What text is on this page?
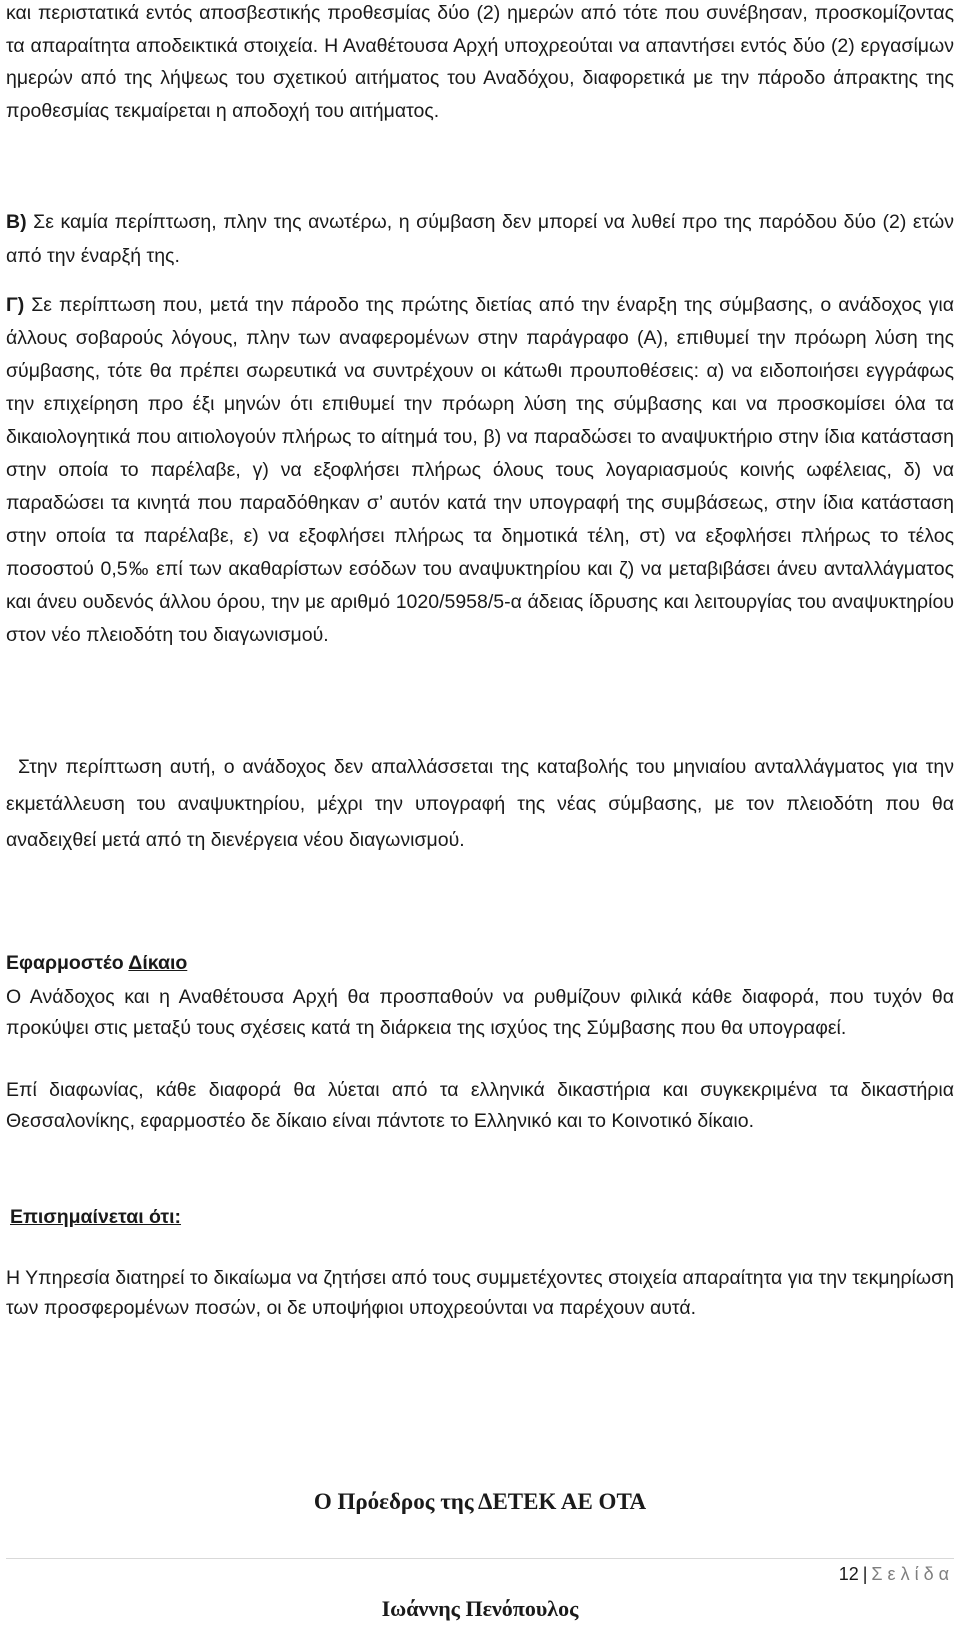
και περιστατικά εντός αποσβεστικής προθεσμίας δύο (2) ημερών από τότε που συνέβησαν, προσκομίζοντας τα απαραίτητα αποδεικτικά στοιχεία. Η Αναθέτουσα Αρχή υποχρεούται να απαντήσει εντός δύο (2) εργασίμων ημερών από της λήψεως του σχετικού αιτήματος του Αναδόχου, διαφορετικά με την πάροδο άπρακτης της προθεσμίας τεκμαίρεται η αποδοχή του αιτήματος.

Β) Σε καμία περίπτωση, πλην της ανωτέρω, η σύμβαση δεν μπορεί να λυθεί προ της παρόδου δύο (2) ετών από την έναρξή της.

Γ) Σε περίπτωση που, μετά την πάροδο της πρώτης διετίας από την έναρξη της σύμβασης, ο ανάδοχος για άλλους σοβαρούς λόγους, πλην των αναφερομένων στην παράγραφο (Α), επιθυμεί την πρόωρη λύση της σύμβασης, τότε θα πρέπει σωρευτικά να συντρέχουν οι κάτωθι προυποθέσεις: α) να ειδοποιήσει εγγράφως την επιχείρηση προ έξι μηνών ότι επιθυμεί την πρόωρη λύση της σύμβασης και να προσκομίσει όλα τα δικαιολογητικά που αιτιολογούν πλήρως το αίτημά του, β) να παραδώσει το αναψυκτήριο στην ίδια κατάσταση στην οποία το παρέλαβε, γ) να εξοφλήσει πλήρως όλους τους λογαριασμούς κοινής ωφέλειας, δ) να παραδώσει τα κινητά που παραδόθηκαν σ’ αυτόν κατά την υπογραφή της συμβάσεως, στην ίδια κατάσταση στην οποία τα παρέλαβε, ε) να εξοφλήσει πλήρως τα δημοτικά τέλη, στ) να εξοφλήσει πλήρως το τέλος ποσοστού 0,5‰ επί των ακαθαρίστων εσόδων του αναψυκτηρίου και ζ) να μεταβιβάσει άνευ ανταλλάγματος και άνευ ουδενός άλλου όρου, την με αριθμό 1020/5958/5-α άδειας ίδρυσης και λειτουργίας του αναψυκτηρίου στον νέο πλειοδότη του διαγωνισμού.

Στην περίπτωση αυτή, ο ανάδοχος δεν απαλλάσσεται της καταβολής του μηνιαίου ανταλλάγματος για την εκμετάλλευση του αναψυκτηρίου, μέχρι την υπογραφή της νέας σύμβασης, με τον πλειοδότη που θα αναδειχθεί μετά από τη διενέργεια νέου διαγωνισμού.

Εφαρμοστέο Δίκαιο

Ο Ανάδοχος και η Αναθέτουσα Αρχή θα προσπαθούν να ρυθμίζουν φιλικά κάθε διαφορά, που τυχόν θα προκύψει στις μεταξύ τους σχέσεις κατά τη διάρκεια της ισχύος της Σύμβασης που θα υπογραφεί.

Επί διαφωνίας, κάθε διαφορά θα λύεται από τα ελληνικά δικαστήρια και συγκεκριμένα τα δικαστήρια Θεσσαλονίκης, εφαρμοστέο δε δίκαιο είναι πάντοτε το Ελληνικό και το Κοινοτικό δίκαιο.

Επισημαίνεται ότι:

Η Υπηρεσία διατηρεί το δικαίωμα να ζητήσει από τους συμμετέχοντες στοιχεία απαραίτητα για την τεκμηρίωση των προσφερομένων ποσών, οι δε υποψήφιοι υποχρεούνται να παρέχουν αυτά.

Ο Πρόεδρος της ΔΕΤΕΚ ΑΕ ΟΤΑ
12 | Σελίδα
Ιωάννης Πενόπουλος
